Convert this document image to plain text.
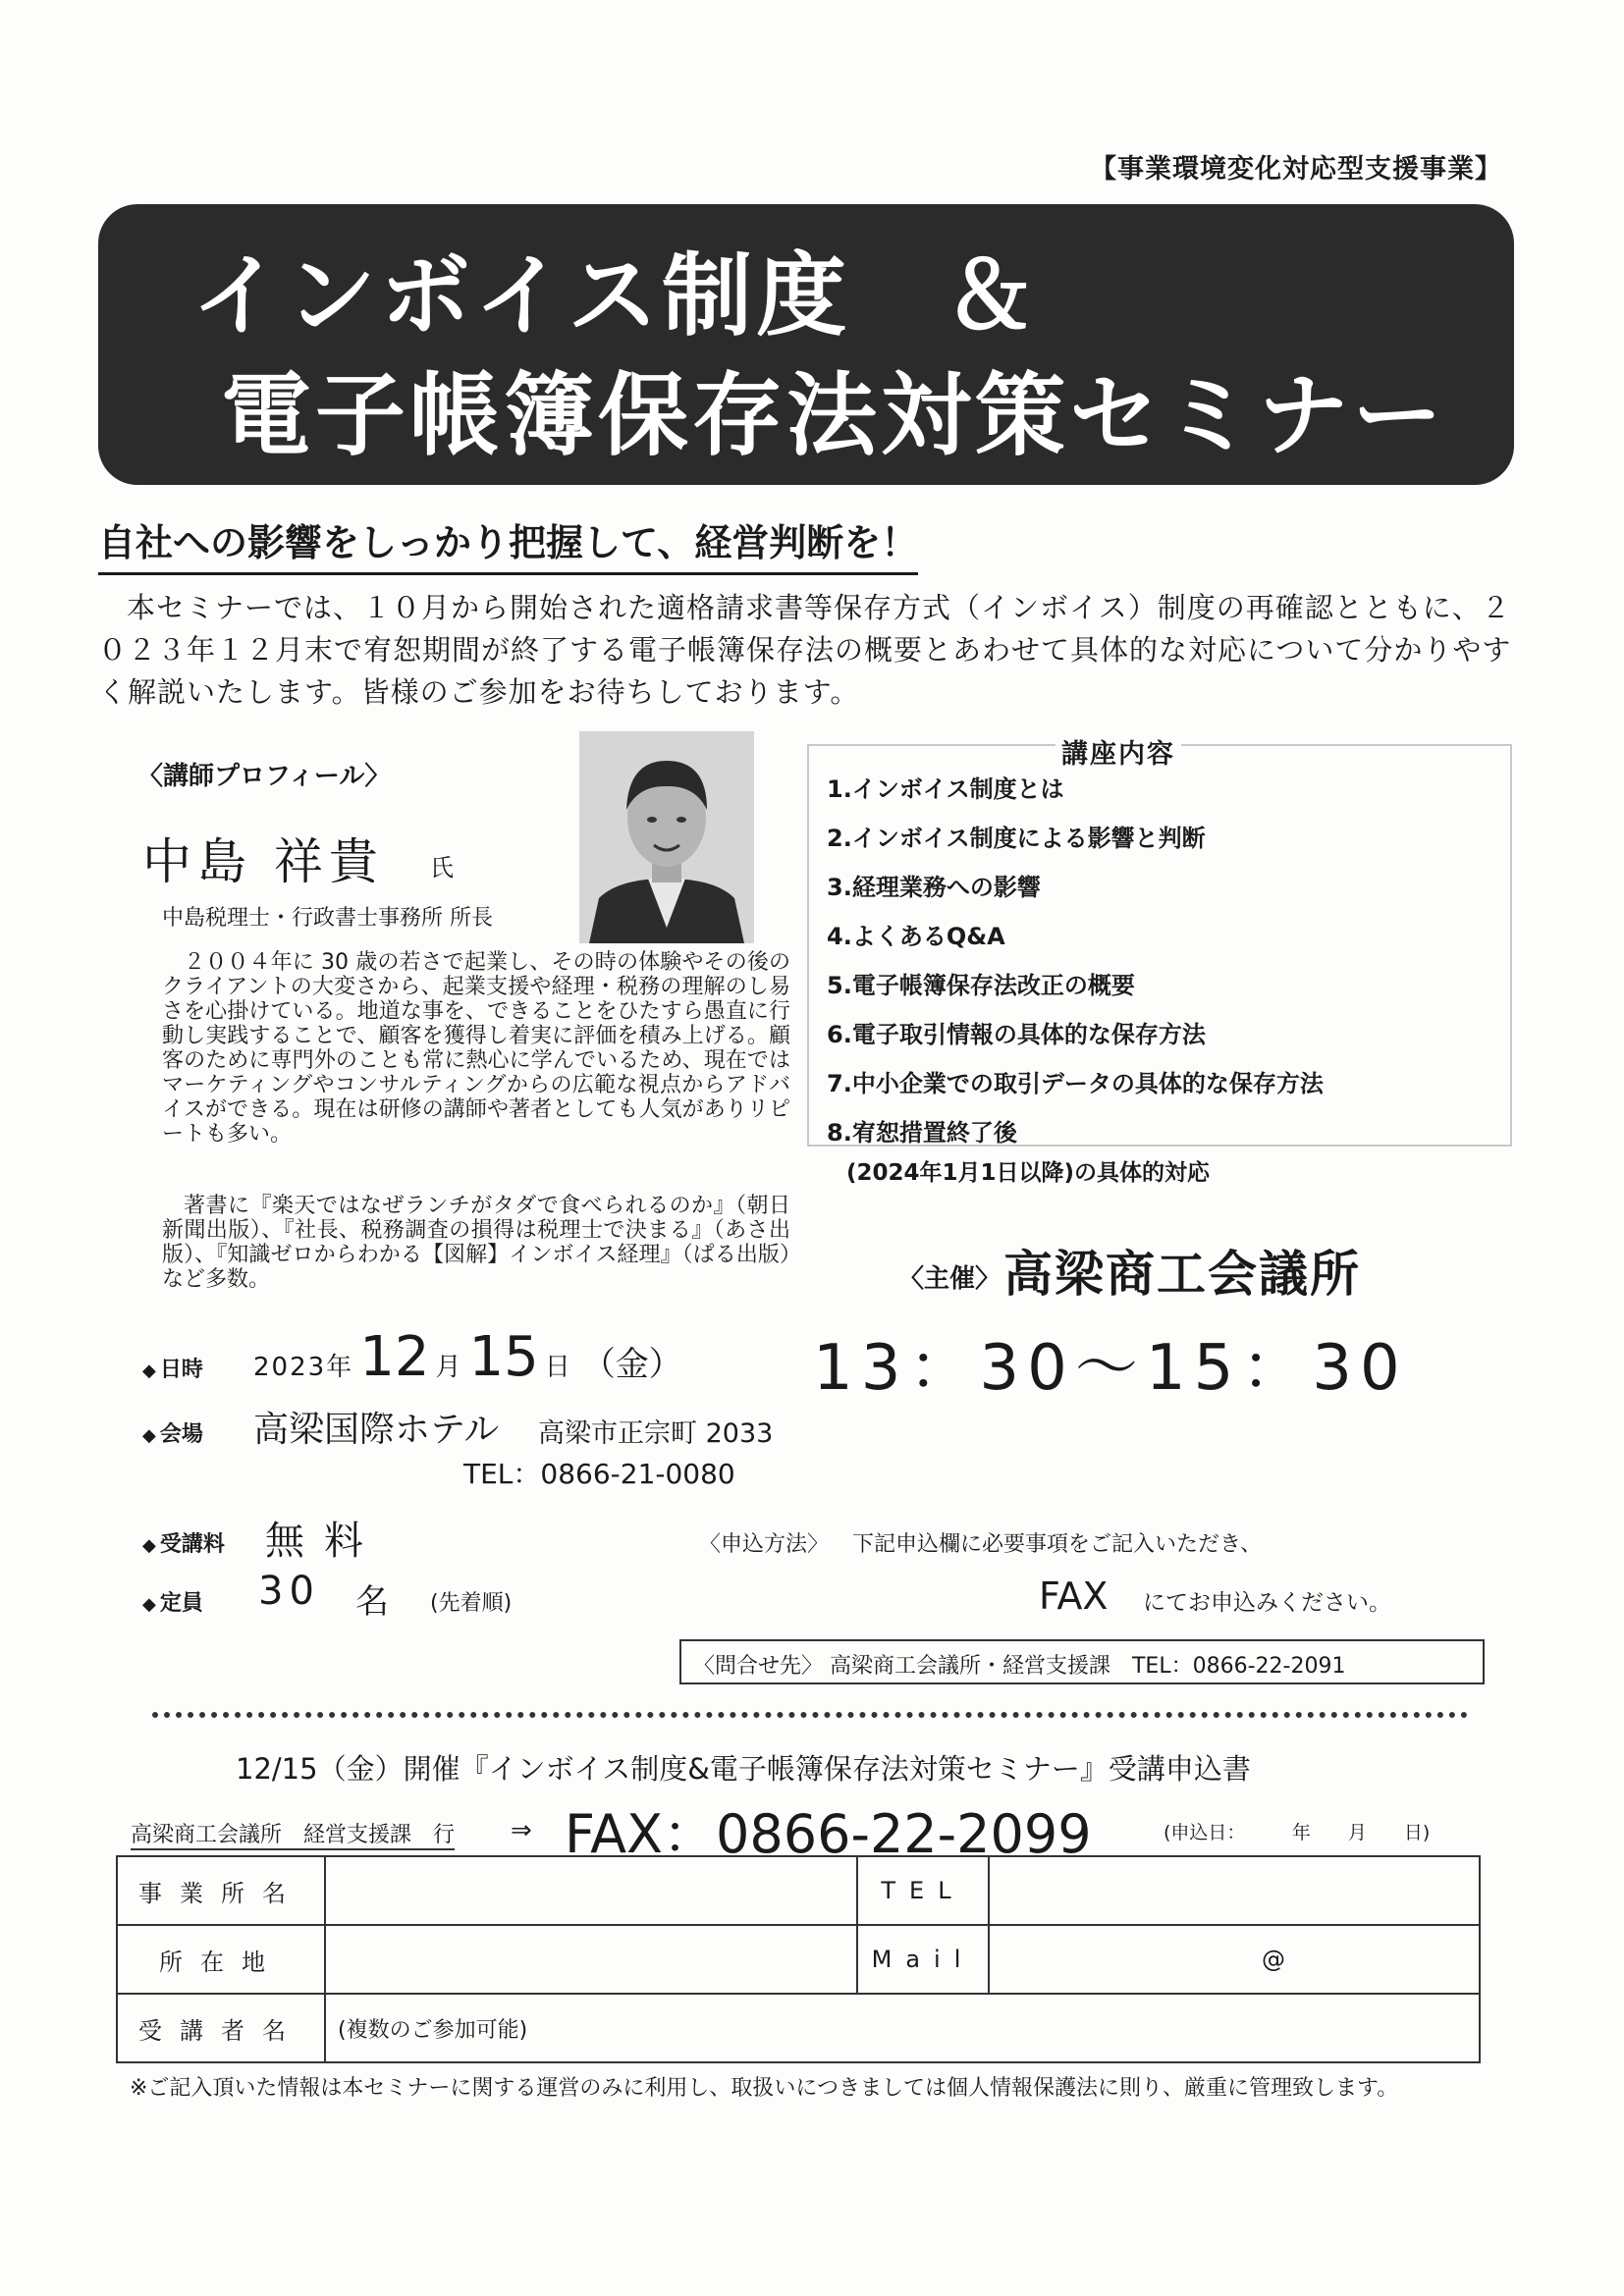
【事業環境変化対応型支援事業】
インボイス制度　＆
電子帳簿保存法対策セミナー
自社への影響をしっかり把握して、経営判断を！
本セミナーでは、１０月から開始された適格請求書等保存方式（インボイス）制度の再確認とともに、２０２３年１２月末で宥恕期間が終了する電子帳簿保存法の概要とあわせて具体的な対応について分かりやすく解説いたします。皆様のご参加をお待ちしております。
〈講師プロフィール〉
中島 祥貴 氏
中島税理士・行政書士事務所 所長
２００４年に 30 歳の若さで起業し、その時の体験やその後のクライアントの大変さから、起業支援や経理・税務の理解のし易さを心掛けている。地道な事を、できることをひたすら愚直に行動し実践することで、顧客を獲得し着実に評価を積み上げる。顧客のために専門外のことも常に熱心に学んでいるため、現在ではマーケティングやコンサルティングからの広範な視点からアドバイスができる。現在は研修の講師や著者としても人気がありリピートも多い。
著書に『楽天ではなぜランチがタダで食べられるのか』（朝日新聞出版）、『社長、税務調査の損得は税理士で決まる』（あさ出版）、『知識ゼロからわかる【図解】インボイス経理』（ぱる出版）など多数。
講座内容
1.インボイス制度とは
2.インボイス制度による影響と判断
3.経理業務への影響
4.よくあるQ&A
5.電子帳簿保存法改正の概要
6.電子取引情報の具体的な保存方法
7.中小企業での取引データの具体的な保存方法
8.宥恕措置終了後
(2024年1月1日以降)の具体的対応
〈主催〉 高梁商工会議所
◆ 日時 2023 年 12 月 15 日 （金） 13：30～15：30
◆ 会場 高梁国際ホテル 高梁市正宗町 2033
TEL：0866-21-0080
◆ 受講料 無料
◆ 定員 30 名 (先着順)
〈申込方法〉 下記申込欄に必要事項をご記入いただき、
FAX にてお申込みください。
〈問合せ先〉 高梁商工会議所・経営支援課　TEL：0866-22-2091
12/15（金）開催『インボイス制度&電子帳簿保存法対策セミナー』受講申込書
高梁商工会議所　経営支援課　行 ⇒ FAX：0866-22-2099	(申込日：　　　年　　月　　日)
事業所名		TEL	
所在地		Mail	@
受講者名	(複数のご参加可能)		
※ご記入頂いた情報は本セミナーに関する運営のみに利用し、取扱いにつきましては個人情報保護法に則り、厳重に管理致します。
